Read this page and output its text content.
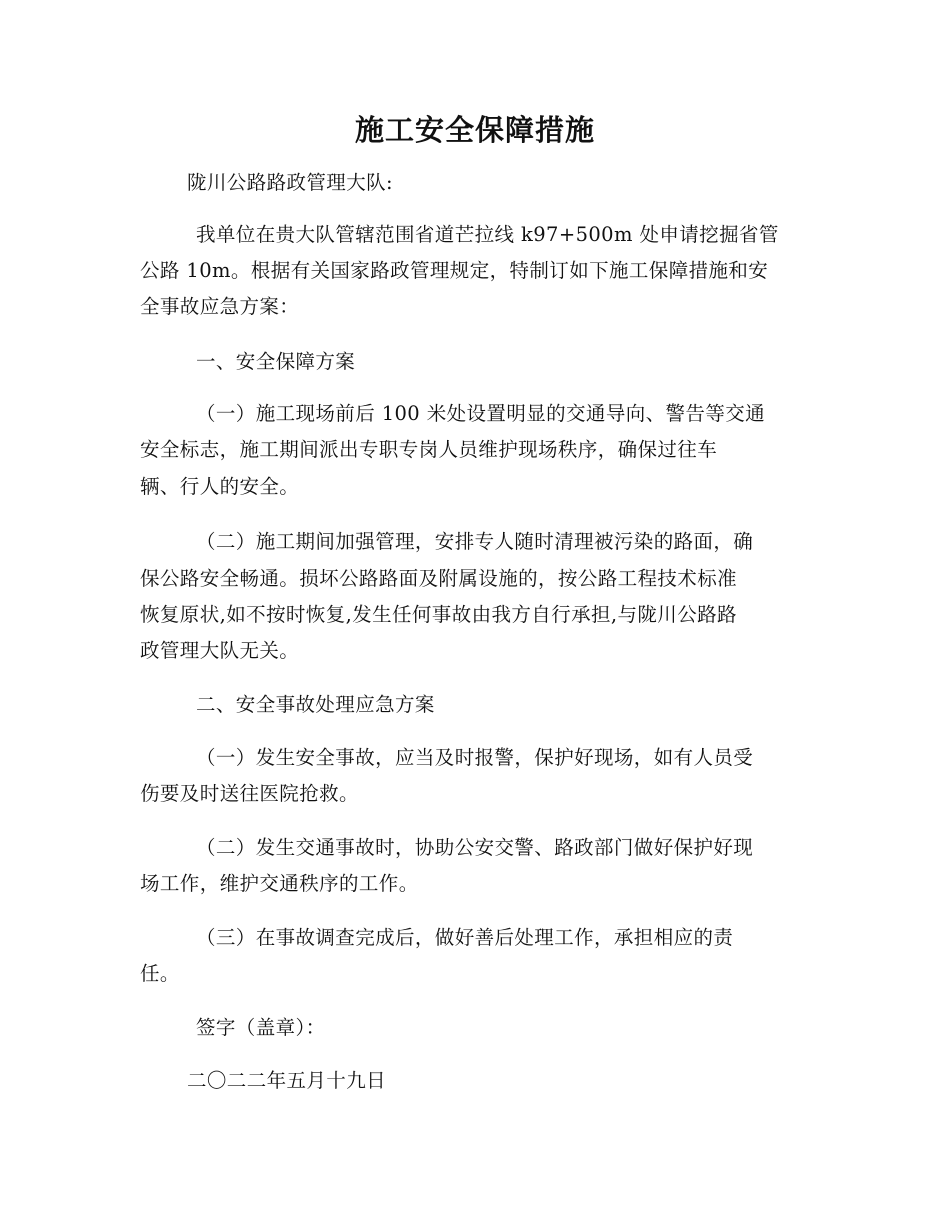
施工安全保障措施
陇川公路路政管理大队:
我单位在贵大队管辖范围省道芒拉线 k97+500m 处申请挖掘省管
公路 10m。根据有关国家路政管理规定，特制订如下施工保障措施和安
全事故应急方案：
一、安全保障方案
（一）施工现场前后 100 米处设置明显的交通导向、警告等交通
安全标志，施工期间派出专职专岗人员维护现场秩序，确保过往车
辆、行人的安全。
（二）施工期间加强管理，安排专人随时清理被污染的路面，确
保公路安全畅通。损坏公路路面及附属设施的，按公路工程技术标准
恢复原状,如不按时恢复,发生任何事故由我方自行承担,与陇川公路路
政管理大队无关。
二、安全事故处理应急方案
（一）发生安全事故，应当及时报警，保护好现场，如有人员受
伤要及时送往医院抢救。
（二）发生交通事故时，协助公安交警、路政部门做好保护好现
场工作，维护交通秩序的工作。
（三）在事故调查完成后，做好善后处理工作，承担相应的责
任。
签字（盖章）：
二〇二二年五月十九日
